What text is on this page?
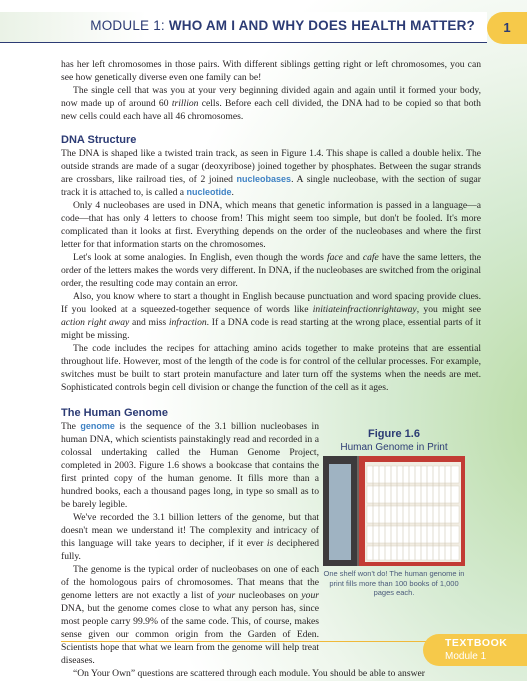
MODULE 1: WHO AM I AND WHY DOES HEALTH MATTER?	1

has her left chromosomes in those pairs. With different siblings getting right or left chromosomes, you can see how genetically diverse even one family can be!

The single cell that was you at your very beginning divided again and again until it formed your body, now made up of around 60 trillion cells. Before each cell divided, the DNA had to be copied so that both new cells could each have all 46 chromosomes.

DNA Structure

The DNA is shaped like a twisted train track, as seen in Figure 1.4. This shape is called a double helix. The outside strands are made of a sugar (deoxyribose) joined together by phosphates. Between the sugar strands are crossbars, like railroad ties, of 2 joined nucleobases. A single nucleobase, with the section of sugar track it is attached to, is called a nucleotide.

Only 4 nucleobases are used in DNA, which means that genetic information is passed in a language—a code—that has only 4 letters to choose from! This might seem too simple, but don't be fooled. It's more complicated than it looks at first. Everything depends on the order of the nucleobases and where the first letter for that information starts on the chromosomes.

Let's look at some analogies. In English, even though the words face and cafe have the same letters, the order of the letters makes the words very different. In DNA, if the nucleobases are switched from the original order, the resulting code may contain an error.

Also, you know where to start a thought in English because punctuation and word spacing provide clues. If you looked at a squeezed-together sequence of words like initiateinfractionrightaway, you might see action right away and miss infraction. If a DNA code is read starting at the wrong place, essential parts of it might be missing.

The code includes the recipes for attaching amino acids together to make proteins that are essential throughout life. However, most of the length of the code is for control of the cellular processes. For example, switches must be built to start protein manufacture and later turn off the systems when the needs are met. Sophisticated controls begin cell division or change the function of the cell as it ages.

The Human Genome

The genome is the sequence of the 3.1 billion nucleobases in human DNA, which scientists painstakingly read and recorded in a colossal undertaking called the Human Genome Project, completed in 2003. Figure 1.6 shows a bookcase that contains the first printed copy of the human genome. It fills more than a hundred books, each a thousand pages long, in type so small as to be barely legible.

We've recorded the 3.1 billion letters of the genome, but that doesn't mean we understand it! The complexity and intricacy of this language will take years to decipher, if it ever is deciphered fully.

The genome is the typical order of nucleobases on one of each of the homologous pairs of chromosomes. That means that the genome letters are not exactly a list of your nucleobases on your DNA, but the genome comes close to what any person has, since most people carry 99.9% of the same code. This, of course, makes sense given our common origin from the Garden of Eden. Scientists hope that what we learn from the genome will help treat diseases.

“On Your Own” questions are scattered through each module. You should be able to answer

Figure 1.6
Human Genome in Print
One shelf won't do! The human genome in print fills more than 100 books of 1,000 pages each.
TEXTBOOK
Module 1
